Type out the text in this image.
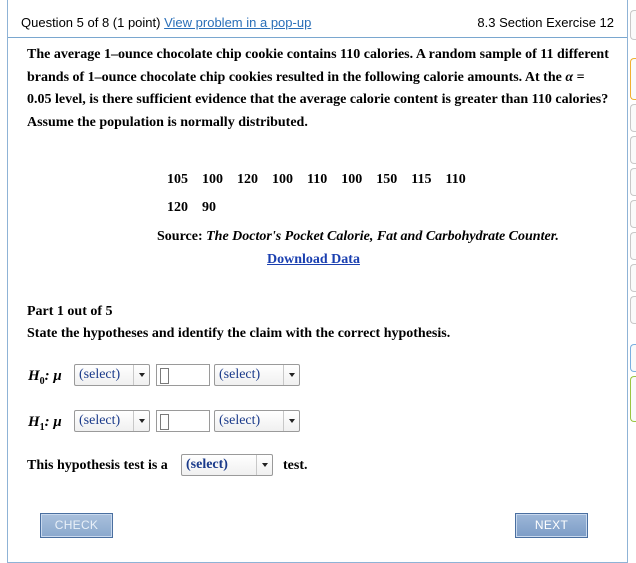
Question 5 of 8 (1 point) View problem in a pop-up	8.3 Section Exercise 12
The average 1–ounce chocolate chip cookie contains 110 calories. A random sample of 11 different brands of 1–ounce chocolate chip cookies resulted in the following calorie amounts. At the α = 0.05 level, is there sufficient evidence that the average calorie content is greater than 110 calories? Assume the population is normally distributed.
105 100 120 100 110 100 150 115 110
120 90
Source: The Doctor's Pocket Calorie, Fat and Carbohydrate Counter.
Download Data
Part 1 out of 5
State the hypotheses and identify the claim with the correct hypothesis.
$H_0$: μ (select)	(select)
$H_1$: μ (select)	(select)
This hypothesis test is a (select)	test.
CHECK	NEXT
